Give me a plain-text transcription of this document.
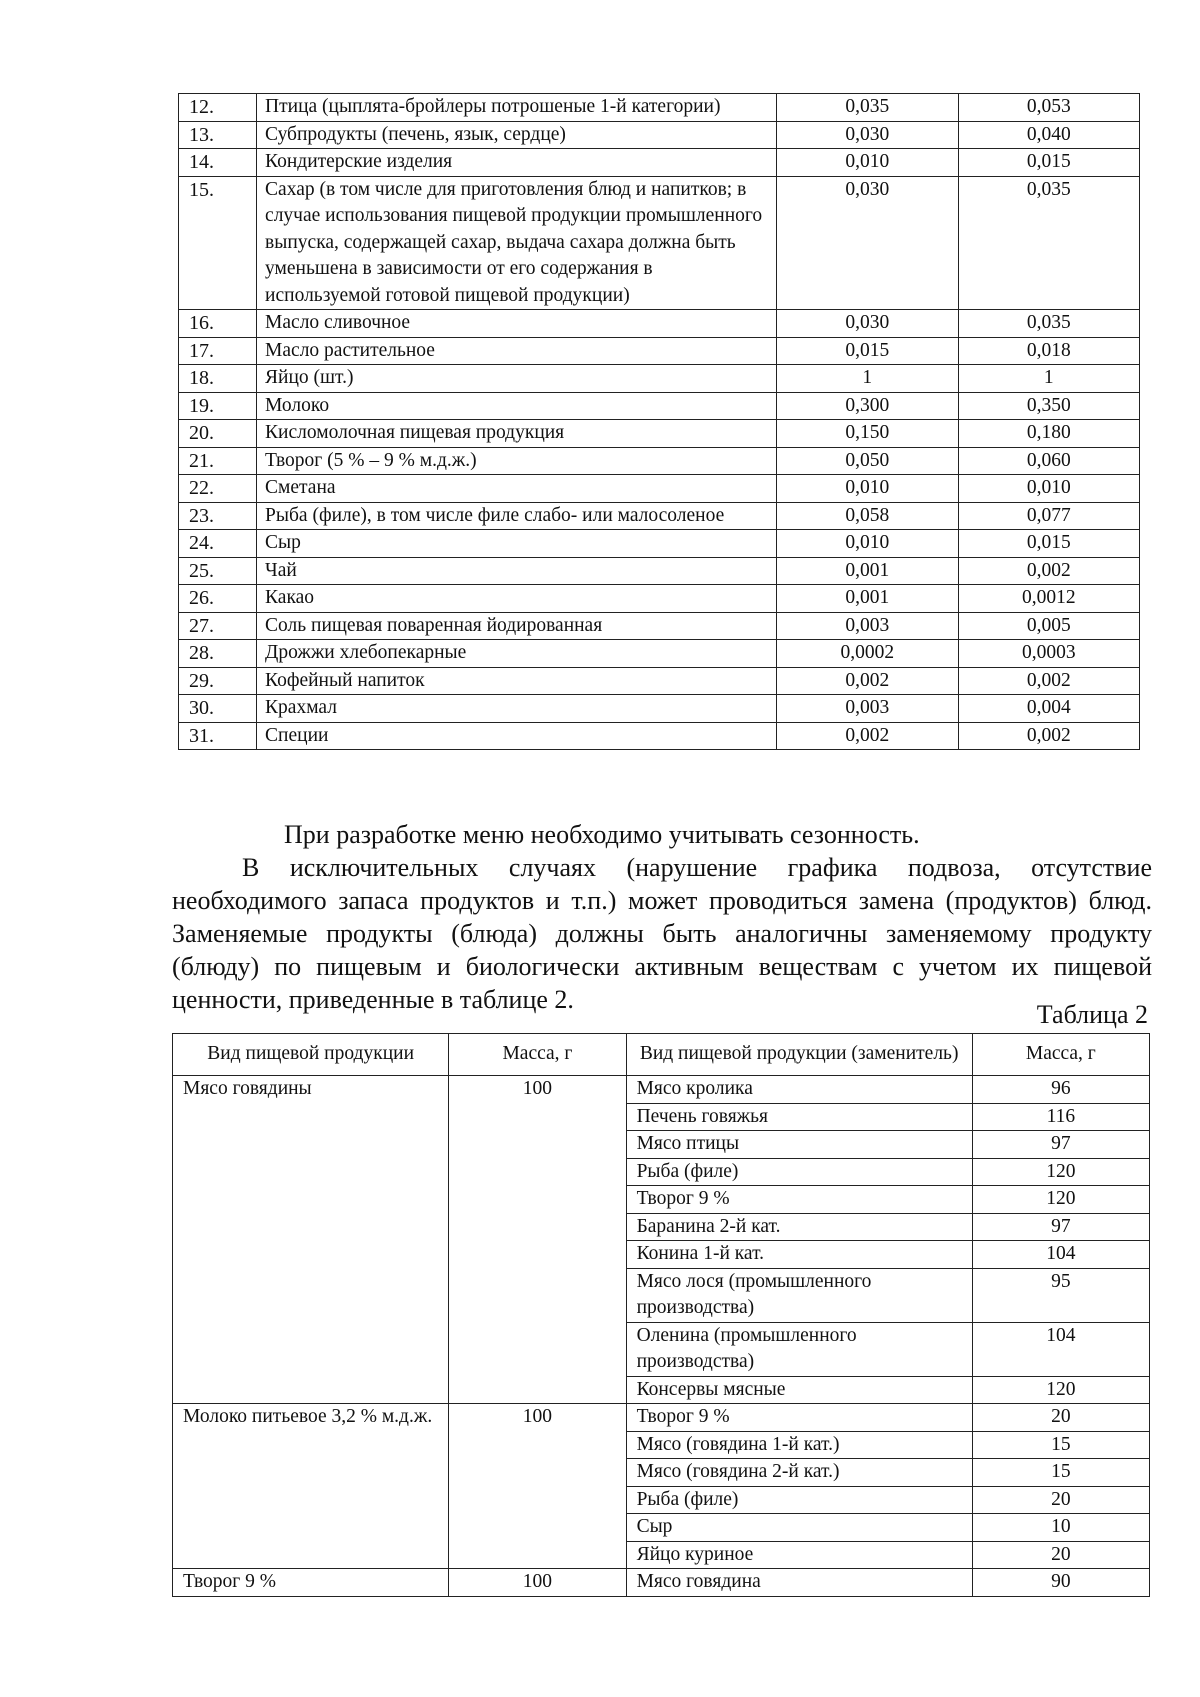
12.	Птица (цыплята-бройлеры потрошеные 1-й категории)	0,035	0,053
13.	Субпродукты (печень, язык, сердце)	0,030	0,040
14.	Кондитерские изделия	0,010	0,015
15.	Сахар (в том числе для приготовления блюд и напитков; в случае использования пищевой продукции промышленного выпуска, содержащей сахар, выдача сахара должна быть уменьшена в зависимости от его содержания в используемой готовой пищевой продукции)	0,030	0,035
16.	Масло сливочное	0,030	0,035
17.	Масло растительное	0,015	0,018
18.	Яйцо (шт.)	1	1
19.	Молоко	0,300	0,350
20.	Кисломолочная пищевая продукция	0,150	0,180
21.	Творог (5 % – 9 % м.д.ж.)	0,050	0,060
22.	Сметана	0,010	0,010
23.	Рыба (филе), в том числе филе слабо- или малосоленое	0,058	0,077
24.	Сыр	0,010	0,015
25.	Чай	0,001	0,002
26.	Какао	0,001	0,0012
27.	Соль пищевая поваренная йодированная	0,003	0,005
28.	Дрожжи хлебопекарные	0,0002	0,0003
29.	Кофейный напиток	0,002	0,002
30.	Крахмал	0,003	0,004
31.	Специи	0,002	0,002

При разработке меню необходимо учитывать сезонность.

В исключительных случаях (нарушение графика подвоза, отсутствие необходимого запаса продуктов и т.п.) может проводиться замена (продуктов) блюд. Заменяемые продукты (блюда) должны быть аналогичны заменяемому продукту (блюду) по пищевым и биологически активным веществам с учетом их пищевой ценности, приведенные в таблице 2.

Таблица 2
Вид пищевой продукции	Масса, г	Вид пищевой продукции (заменитель)	Масса, г
Мясо говядины	100	Мясо кролика	96
		Печень говяжья	116
		Мясо птицы	97
		Рыба (филе)	120
		Творог 9 %	120
		Баранина 2-й кат.	97
		Конина 1-й кат.	104
		Мясо лося (промышленного производства)	95
		Оленина (промышленного производства)	104
		Консервы мясные	120
Молоко питьевое 3,2 % м.д.ж.	100	Творог 9 %	20
		Мясо (говядина 1-й кат.)	15
		Мясо (говядина 2-й кат.)	15
		Рыба (филе)	20
		Сыр	10
		Яйцо куриное	20
Творог 9 %	100	Мясо говядина	90
